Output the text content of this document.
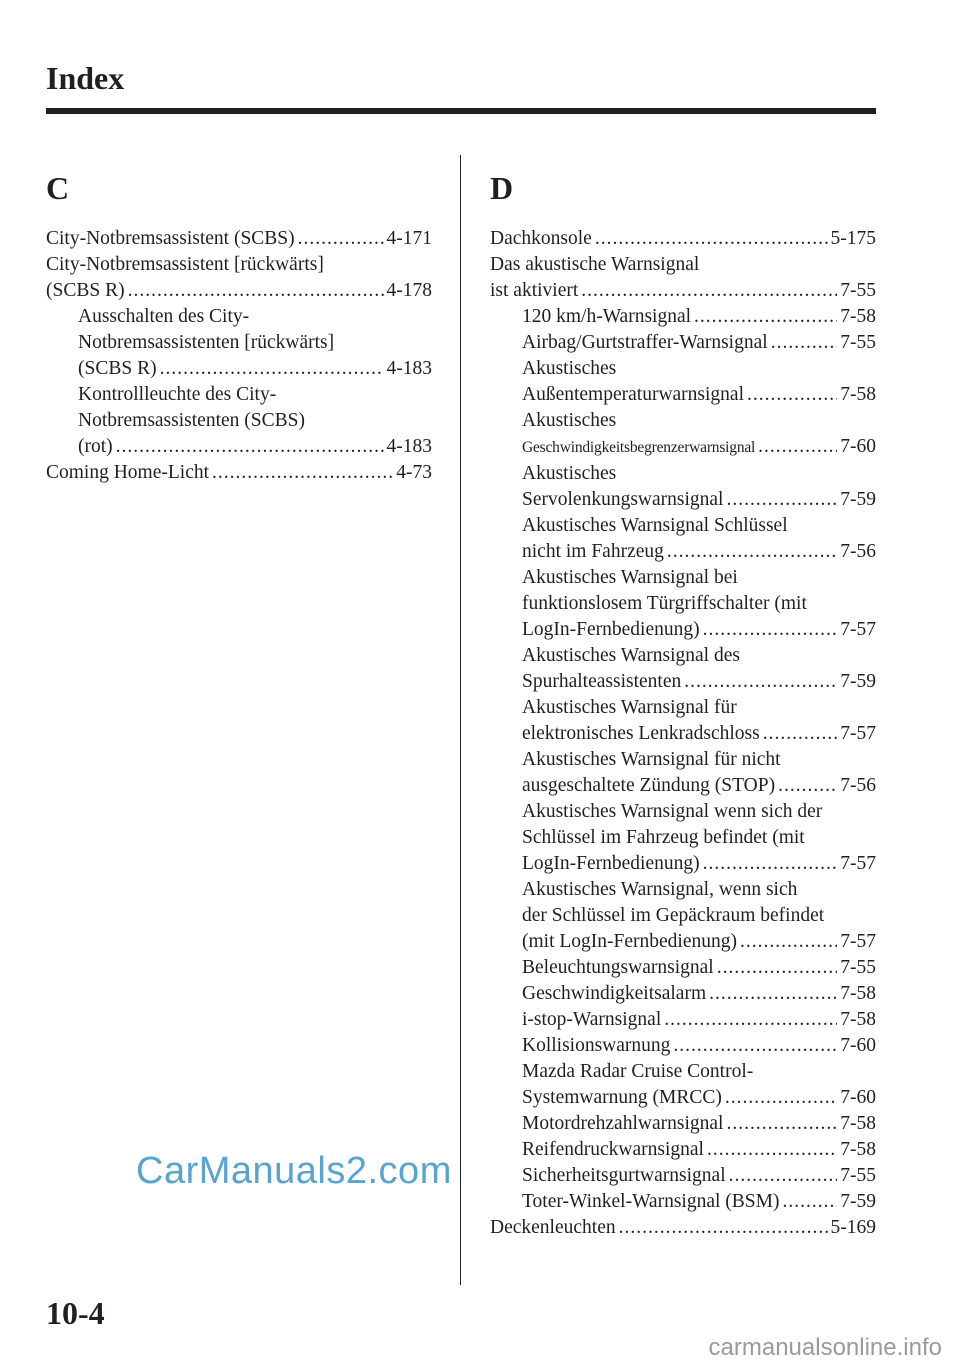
Index
C
City-Notbremsassistent (SCBS) .....	4-171
City-Notbremsassistent [rückwärts]
(SCBS R) .....	4-178
Ausschalten des City-
Notbremsassistenten [rückwärts]
(SCBS R) .....	4-183
Kontrollleuchte des City-
Notbremsassistenten (SCBS)
(rot) .....	4-183
Coming Home-Licht .....	4-73
D
Dachkonsole .....	5-175
Das akustische Warnsignal
ist aktiviert .....	7-55
120 km/h-Warnsignal .....	7-58
Airbag/Gurtstraffer-Warnsignal .....	7-55
Akustisches
Außentemperaturwarnsignal .....	7-58
Akustisches
Geschwindigkeitsbegrenzerwarnsignal .....	7-60
Akustisches
Servolenkungswarnsignal .....	7-59
Akustisches Warnsignal Schlüssel
nicht im Fahrzeug .....	7-56
Akustisches Warnsignal bei
funktionslosem Türgriffschalter (mit
LogIn-Fernbedienung) .....	7-57
Akustisches Warnsignal des
Spurhalteassistenten .....	7-59
Akustisches Warnsignal für
elektronisches Lenkradschloss .....	7-57
Akustisches Warnsignal für nicht
ausgeschaltete Zündung (STOP) .....	7-56
Akustisches Warnsignal wenn sich der
Schlüssel im Fahrzeug befindet (mit
LogIn-Fernbedienung) .....	7-57
Akustisches Warnsignal, wenn sich
der Schlüssel im Gepäckraum befindet
(mit LogIn-Fernbedienung) .....	7-57
Beleuchtungswarnsignal .....	7-55
Geschwindigkeitsalarm .....	7-58
i-stop-Warnsignal .....	7-58
Kollisionswarnung .....	7-60
Mazda Radar Cruise Control-
Systemwarnung (MRCC) .....	7-60
Motordrehzahlwarnsignal .....	7-58
Reifendruckwarnsignal .....	7-58
Sicherheitsgurtwarnsignal .....	7-55
Toter-Winkel-Warnsignal (BSM) .....	7-59
Deckenleuchten .....	5-169
10-4
CarManuals2.com
carmanualsonline.info
